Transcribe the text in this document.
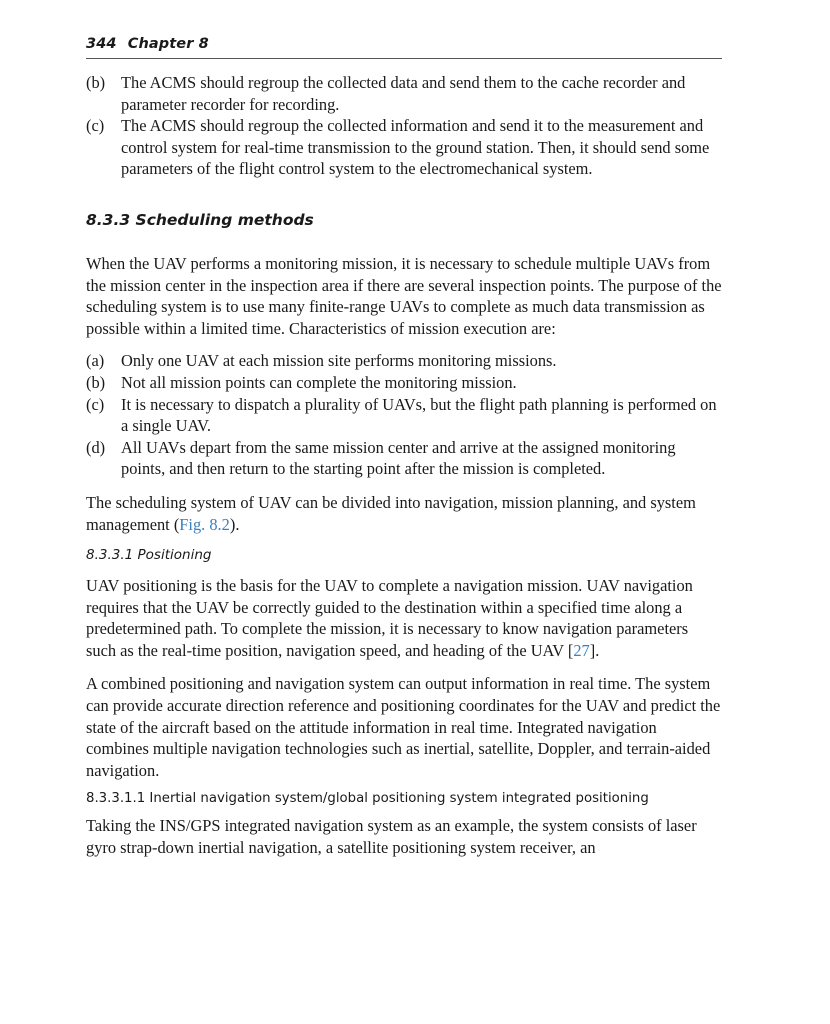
344 Chapter 8
(b) The ACMS should regroup the collected data and send them to the cache recorder and parameter recorder for recording.
(c) The ACMS should regroup the collected information and send it to the measurement and control system for real-time transmission to the ground station. Then, it should send some parameters of the flight control system to the electromechanical system.
8.3.3 Scheduling methods

When the UAV performs a monitoring mission, it is necessary to schedule multiple UAVs from the mission center in the inspection area if there are several inspection points. The purpose of the scheduling system is to use many finite-range UAVs to complete as much data transmission as possible within a limited time. Characteristics of mission execution are:

(a) Only one UAV at each mission site performs monitoring missions.
(b) Not all mission points can complete the monitoring mission.
(c) It is necessary to dispatch a plurality of UAVs, but the flight path planning is performed on a single UAV.
(d) All UAVs depart from the same mission center and arrive at the assigned monitoring points, and then return to the starting point after the mission is completed.

The scheduling system of UAV can be divided into navigation, mission planning, and system management (Fig. 8.2).

8.3.3.1 Positioning

UAV positioning is the basis for the UAV to complete a navigation mission. UAV navigation requires that the UAV be correctly guided to the destination within a specified time along a predetermined path. To complete the mission, it is necessary to know navigation parameters such as the real-time position, navigation speed, and heading of the UAV [27].

A combined positioning and navigation system can output information in real time. The system can provide accurate direction reference and positioning coordinates for the UAV and predict the state of the aircraft based on the attitude information in real time. Integrated navigation combines multiple navigation technologies such as inertial, satellite, Doppler, and terrain-aided navigation.

8.3.3.1.1 Inertial navigation system/global positioning system integrated positioning

Taking the INS/GPS integrated navigation system as an example, the system consists of laser gyro strap-down inertial navigation, a satellite positioning system receiver, an
